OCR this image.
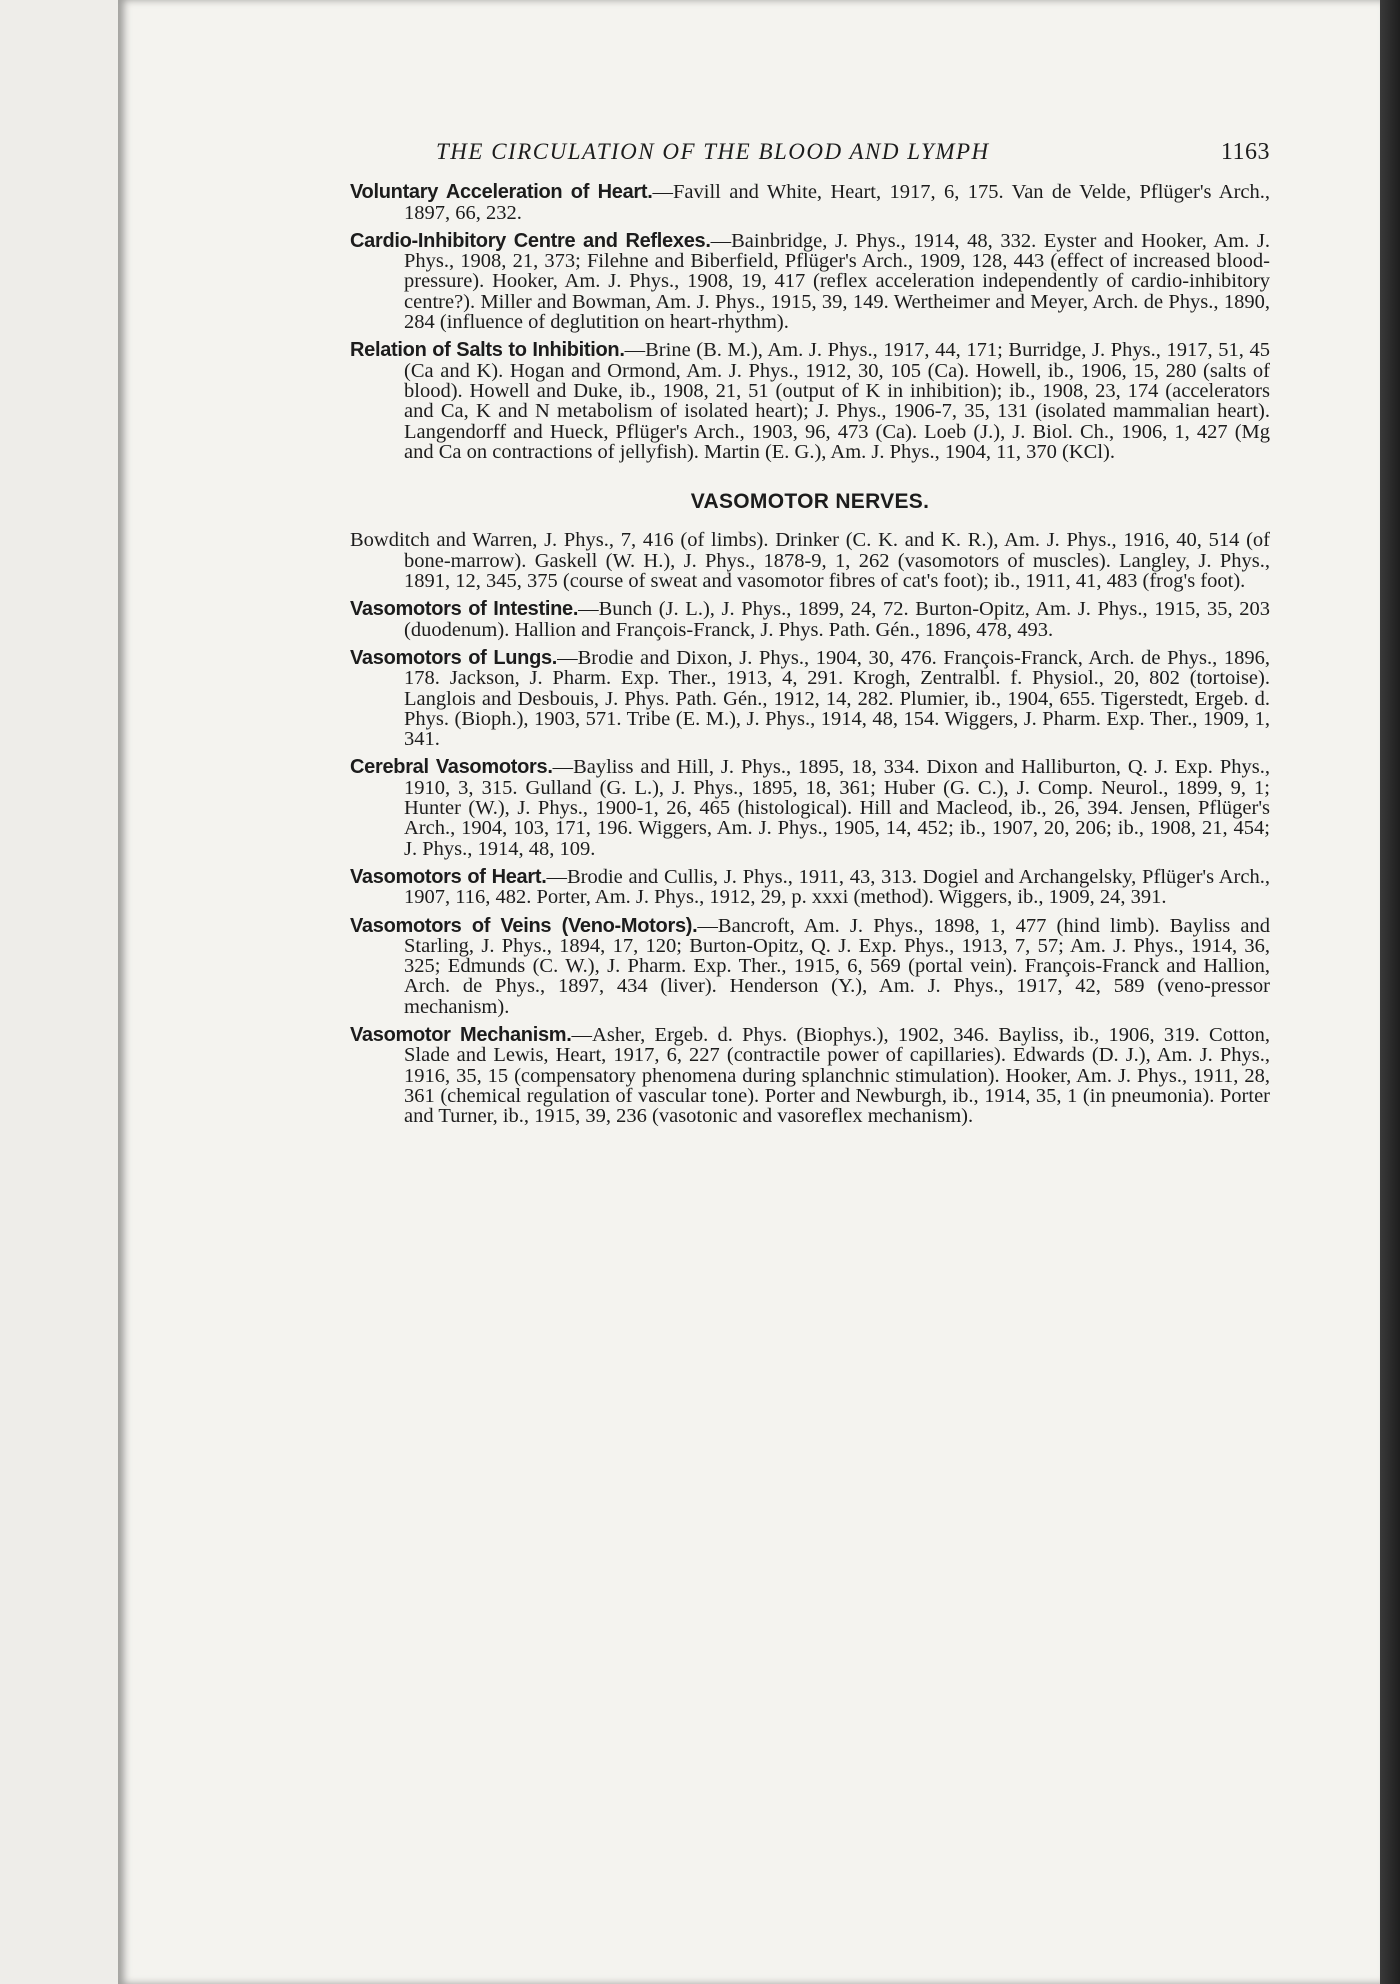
THE CIRCULATION OF THE BLOOD AND LYMPH	1163

Voluntary Acceleration of Heart.—Favill and White, Heart, 1917, 6, 175. Van de Velde, Pflüger's Arch., 1897, 66, 232.

Cardio-Inhibitory Centre and Reflexes.—Bainbridge, J. Phys., 1914, 48, 332. Eyster and Hooker, Am. J. Phys., 1908, 21, 373; Filehne and Biberfield, Pflüger's Arch., 1909, 128, 443 (effect of increased blood-pressure). Hooker, Am. J. Phys., 1908, 19, 417 (reflex acceleration independently of cardio-inhibitory centre?). Miller and Bowman, Am. J. Phys., 1915, 39, 149. Wertheimer and Meyer, Arch. de Phys., 1890, 284 (influence of deglutition on heart-rhythm).

Relation of Salts to Inhibition.—Brine (B. M.), Am. J. Phys., 1917, 44, 171; Burridge, J. Phys., 1917, 51, 45 (Ca and K). Hogan and Ormond, Am. J. Phys., 1912, 30, 105 (Ca). Howell, ib., 1906, 15, 280 (salts of blood). Howell and Duke, ib., 1908, 21, 51 (output of K in inhibition); ib., 1908, 23, 174 (accelerators and Ca, K and N metabolism of isolated heart); J. Phys., 1906-7, 35, 131 (isolated mammalian heart). Langendorff and Hueck, Pflüger's Arch., 1903, 96, 473 (Ca). Loeb (J.), J. Biol. Ch., 1906, 1, 427 (Mg and Ca on contractions of jellyfish). Martin (E. G.), Am. J. Phys., 1904, 11, 370 (KCl).

VASOMOTOR NERVES.

Bowditch and Warren, J. Phys., 7, 416 (of limbs). Drinker (C. K. and K. R.), Am. J. Phys., 1916, 40, 514 (of bone-marrow). Gaskell (W. H.), J. Phys., 1878-9, 1, 262 (vasomotors of muscles). Langley, J. Phys., 1891, 12, 345, 375 (course of sweat and vasomotor fibres of cat's foot); ib., 1911, 41, 483 (frog's foot).

Vasomotors of Intestine.—Bunch (J. L.), J. Phys., 1899, 24, 72. Burton-Opitz, Am. J. Phys., 1915, 35, 203 (duodenum). Hallion and François-Franck, J. Phys. Path. Gén., 1896, 478, 493.

Vasomotors of Lungs.—Brodie and Dixon, J. Phys., 1904, 30, 476. François-Franck, Arch. de Phys., 1896, 178. Jackson, J. Pharm. Exp. Ther., 1913, 4, 291. Krogh, Zentralbl. f. Physiol., 20, 802 (tortoise). Langlois and Desbouis, J. Phys. Path. Gén., 1912, 14, 282. Plumier, ib., 1904, 655. Tigerstedt, Ergeb. d. Phys. (Bioph.), 1903, 571. Tribe (E. M.), J. Phys., 1914, 48, 154. Wiggers, J. Pharm. Exp. Ther., 1909, 1, 341.

Cerebral Vasomotors.—Bayliss and Hill, J. Phys., 1895, 18, 334. Dixon and Halliburton, Q. J. Exp. Phys., 1910, 3, 315. Gulland (G. L.), J. Phys., 1895, 18, 361; Huber (G. C.), J. Comp. Neurol., 1899, 9, 1; Hunter (W.), J. Phys., 1900-1, 26, 465 (histological). Hill and Macleod, ib., 26, 394. Jensen, Pflüger's Arch., 1904, 103, 171, 196. Wiggers, Am. J. Phys., 1905, 14, 452; ib., 1907, 20, 206; ib., 1908, 21, 454; J. Phys., 1914, 48, 109.

Vasomotors of Heart.—Brodie and Cullis, J. Phys., 1911, 43, 313. Dogiel and Archangelsky, Pflüger's Arch., 1907, 116, 482. Porter, Am. J. Phys., 1912, 29, p. xxxi (method). Wiggers, ib., 1909, 24, 391.

Vasomotors of Veins (Veno-Motors).—Bancroft, Am. J. Phys., 1898, 1, 477 (hind limb). Bayliss and Starling, J. Phys., 1894, 17, 120; Burton-Opitz, Q. J. Exp. Phys., 1913, 7, 57; Am. J. Phys., 1914, 36, 325; Edmunds (C. W.), J. Pharm. Exp. Ther., 1915, 6, 569 (portal vein). François-Franck and Hallion, Arch. de Phys., 1897, 434 (liver). Henderson (Y.), Am. J. Phys., 1917, 42, 589 (veno-pressor mechanism).

Vasomotor Mechanism.—Asher, Ergeb. d. Phys. (Biophys.), 1902, 346. Bayliss, ib., 1906, 319. Cotton, Slade and Lewis, Heart, 1917, 6, 227 (contractile power of capillaries). Edwards (D. J.), Am. J. Phys., 1916, 35, 15 (compensatory phenomena during splanchnic stimulation). Hooker, Am. J. Phys., 1911, 28, 361 (chemical regulation of vascular tone). Porter and Newburgh, ib., 1914, 35, 1 (in pneumonia). Porter and Turner, ib., 1915, 39, 236 (vasotonic and vasoreflex mechanism).
